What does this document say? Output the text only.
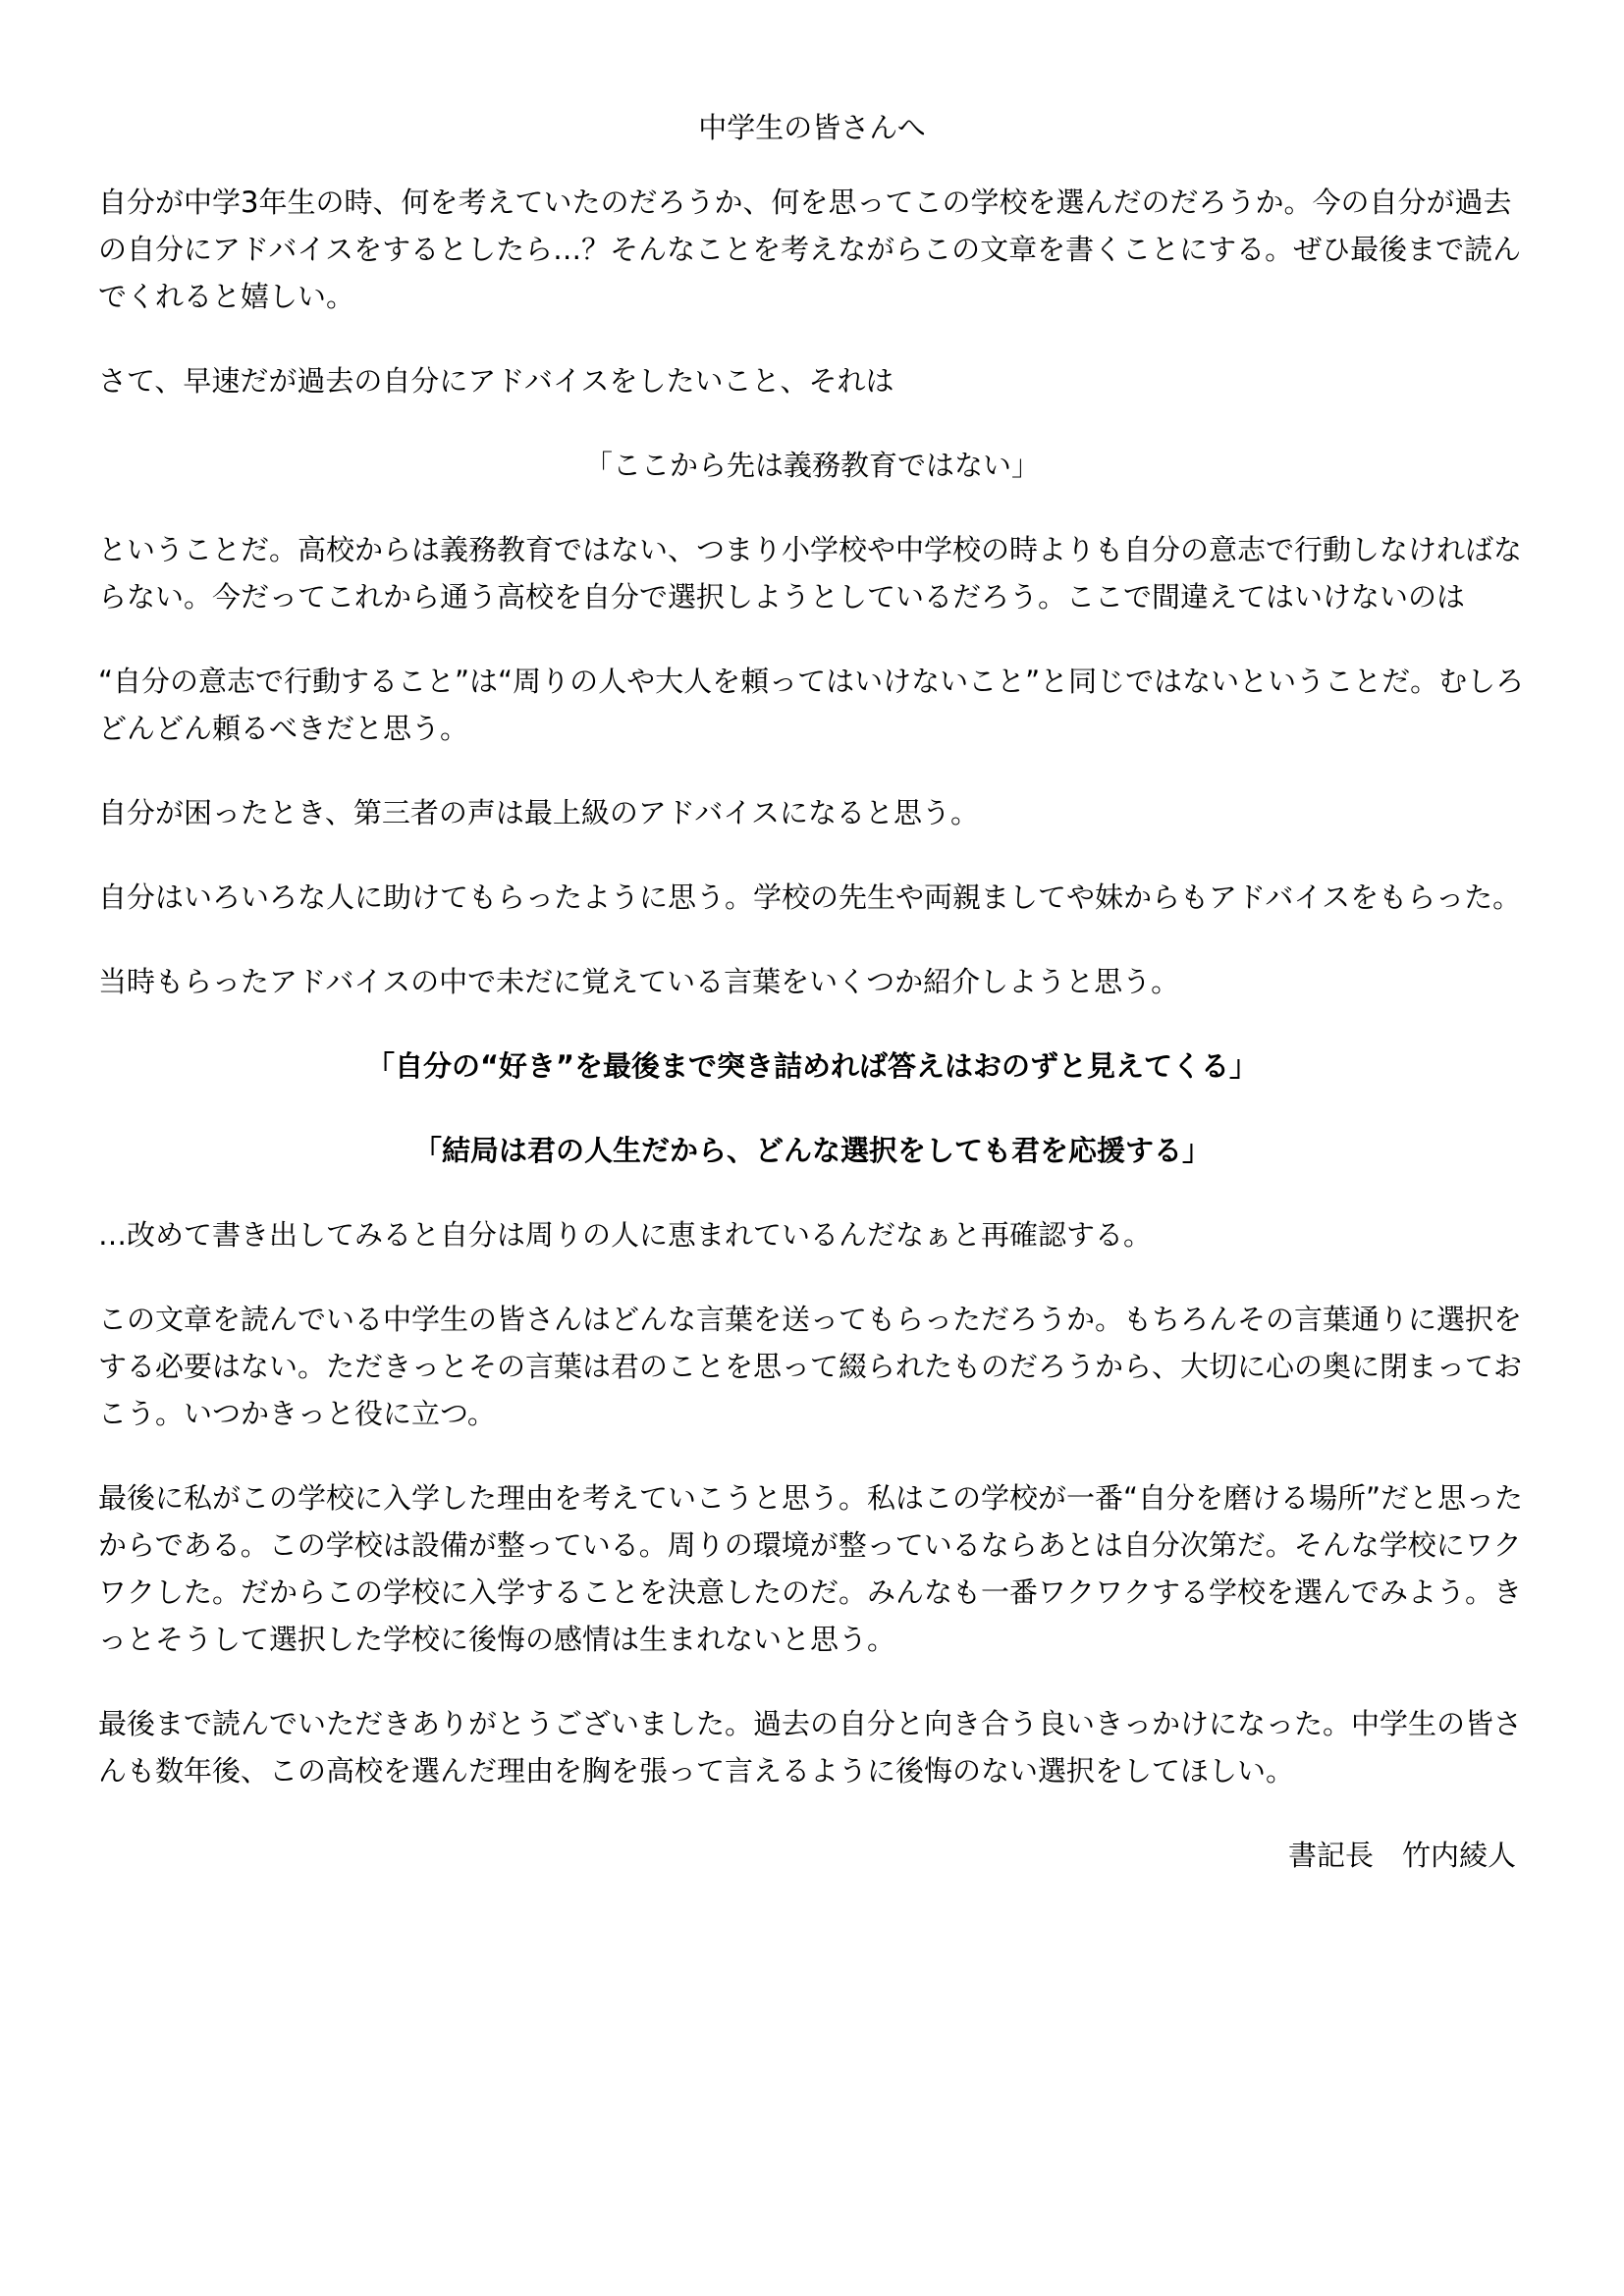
中学生の皆さんへ

自分が中学3年生の時、何を考えていたのだろうか、何を思ってこの学校を選んだのだろうか。今の自分が過去の自分にアドバイスをするとしたら…？そんなことを考えながらこの文章を書くことにする。ぜひ最後まで読んでくれると嬉しい。

さて、早速だが過去の自分にアドバイスをしたいこと、それは

「ここから先は義務教育ではない」

ということだ。高校からは義務教育ではない、つまり小学校や中学校の時よりも自分の意志で行動しなければならない。今だってこれから通う高校を自分で選択しようとしているだろう。ここで間違えてはいけないのは

“自分の意志で行動すること”は“周りの人や大人を頼ってはいけないこと”と同じではないということだ。むしろどんどん頼るべきだと思う。

自分が困ったとき、第三者の声は最上級のアドバイスになると思う。

自分はいろいろな人に助けてもらったように思う。学校の先生や両親ましてや妹からもアドバイスをもらった。

当時もらったアドバイスの中で未だに覚えている言葉をいくつか紹介しようと思う。

「自分の“好き”を最後まで突き詰めれば答えはおのずと見えてくる」

「結局は君の人生だから、どんな選択をしても君を応援する」

…改めて書き出してみると自分は周りの人に恵まれているんだなぁと再確認する。

この文章を読んでいる中学生の皆さんはどんな言葉を送ってもらっただろうか。もちろんその言葉通りに選択をする必要はない。ただきっとその言葉は君のことを思って綴られたものだろうから、大切に心の奥に閉まっておこう。いつかきっと役に立つ。

最後に私がこの学校に入学した理由を考えていこうと思う。私はこの学校が一番“自分を磨ける場所”だと思ったからである。この学校は設備が整っている。周りの環境が整っているならあとは自分次第だ。そんな学校にワクワクした。だからこの学校に入学することを決意したのだ。みんなも一番ワクワクする学校を選んでみよう。きっとそうして選択した学校に後悔の感情は生まれないと思う。

最後まで読んでいただきありがとうございました。過去の自分と向き合う良いきっかけになった。中学生の皆さんも数年後、この高校を選んだ理由を胸を張って言えるように後悔のない選択をしてほしい。

書記長　竹内綾人
